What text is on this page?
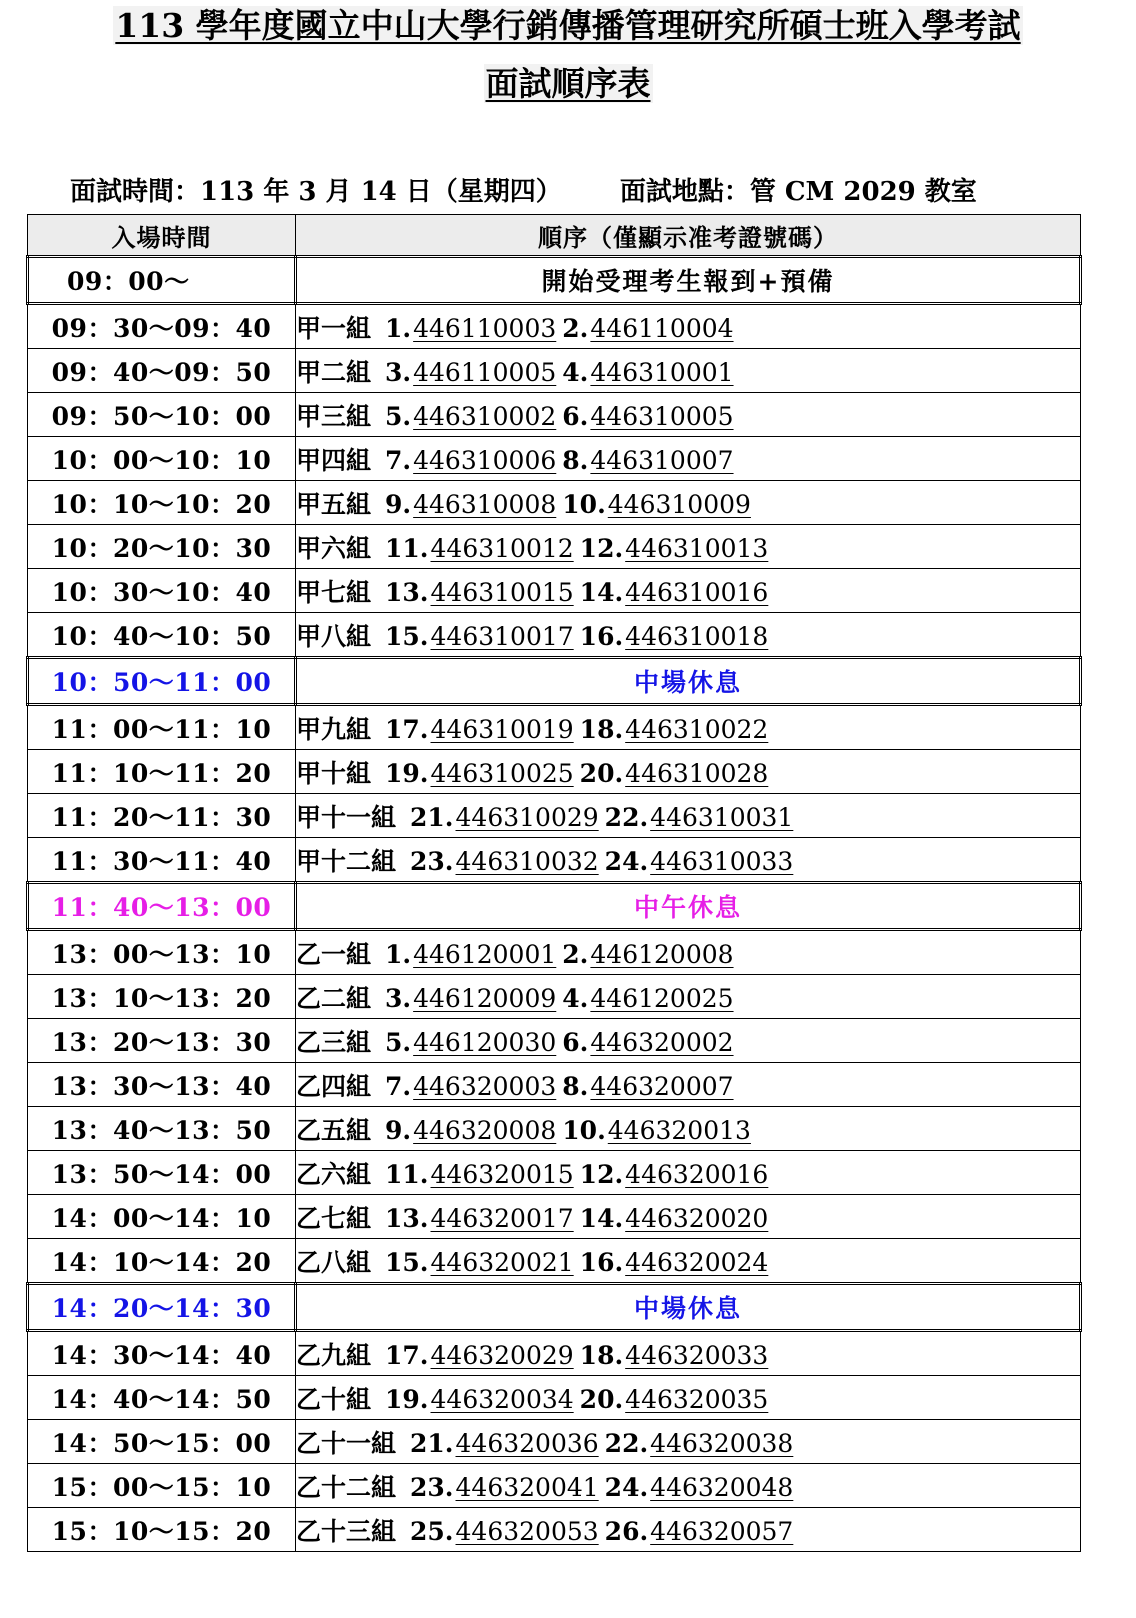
113 學年度國立中山大學行銷傳播管理研究所碩士班入學考試
面試順序表
面試時間：113 年 3 月 14 日（星期四） 面試地點：管 CM 2029 教室
入場時間	順序（僅顯示准考證號碼）
09：00～	開始受理考生報到+預備
09：30～09：40	甲一組 1.446110003 2.446110004
09：40～09：50	甲二組 3.446110005 4.446310001
09：50～10：00	甲三組 5.446310002 6.446310005
10：00～10：10	甲四組 7.446310006 8.446310007
10：10～10：20	甲五組 9.446310008 10.446310009
10：20～10：30	甲六組 11.446310012 12.446310013
10：30～10：40	甲七組 13.446310015 14.446310016
10：40～10：50	甲八組 15.446310017 16.446310018
10：50～11：00	中場休息
11：00～11：10	甲九組 17.446310019 18.446310022
11：10～11：20	甲十組 19.446310025 20.446310028
11：20～11：30	甲十一組 21.446310029 22.446310031
11：30～11：40	甲十二組 23.446310032 24.446310033
11：40～13：00	中午休息
13：00～13：10	乙一組 1.446120001 2.446120008
13：10～13：20	乙二組 3.446120009 4.446120025
13：20～13：30	乙三組 5.446120030 6.446320002
13：30～13：40	乙四組 7.446320003 8.446320007
13：40～13：50	乙五組 9.446320008 10.446320013
13：50～14：00	乙六組 11.446320015 12.446320016
14：00～14：10	乙七組 13.446320017 14.446320020
14：10～14：20	乙八組 15.446320021 16.446320024
14：20～14：30	中場休息
14：30～14：40	乙九組 17.446320029 18.446320033
14：40～14：50	乙十組 19.446320034 20.446320035
14：50～15：00	乙十一組 21.446320036 22.446320038
15：00～15：10	乙十二組 23.446320041 24.446320048
15：10～15：20	乙十三組 25.446320053 26.446320057
